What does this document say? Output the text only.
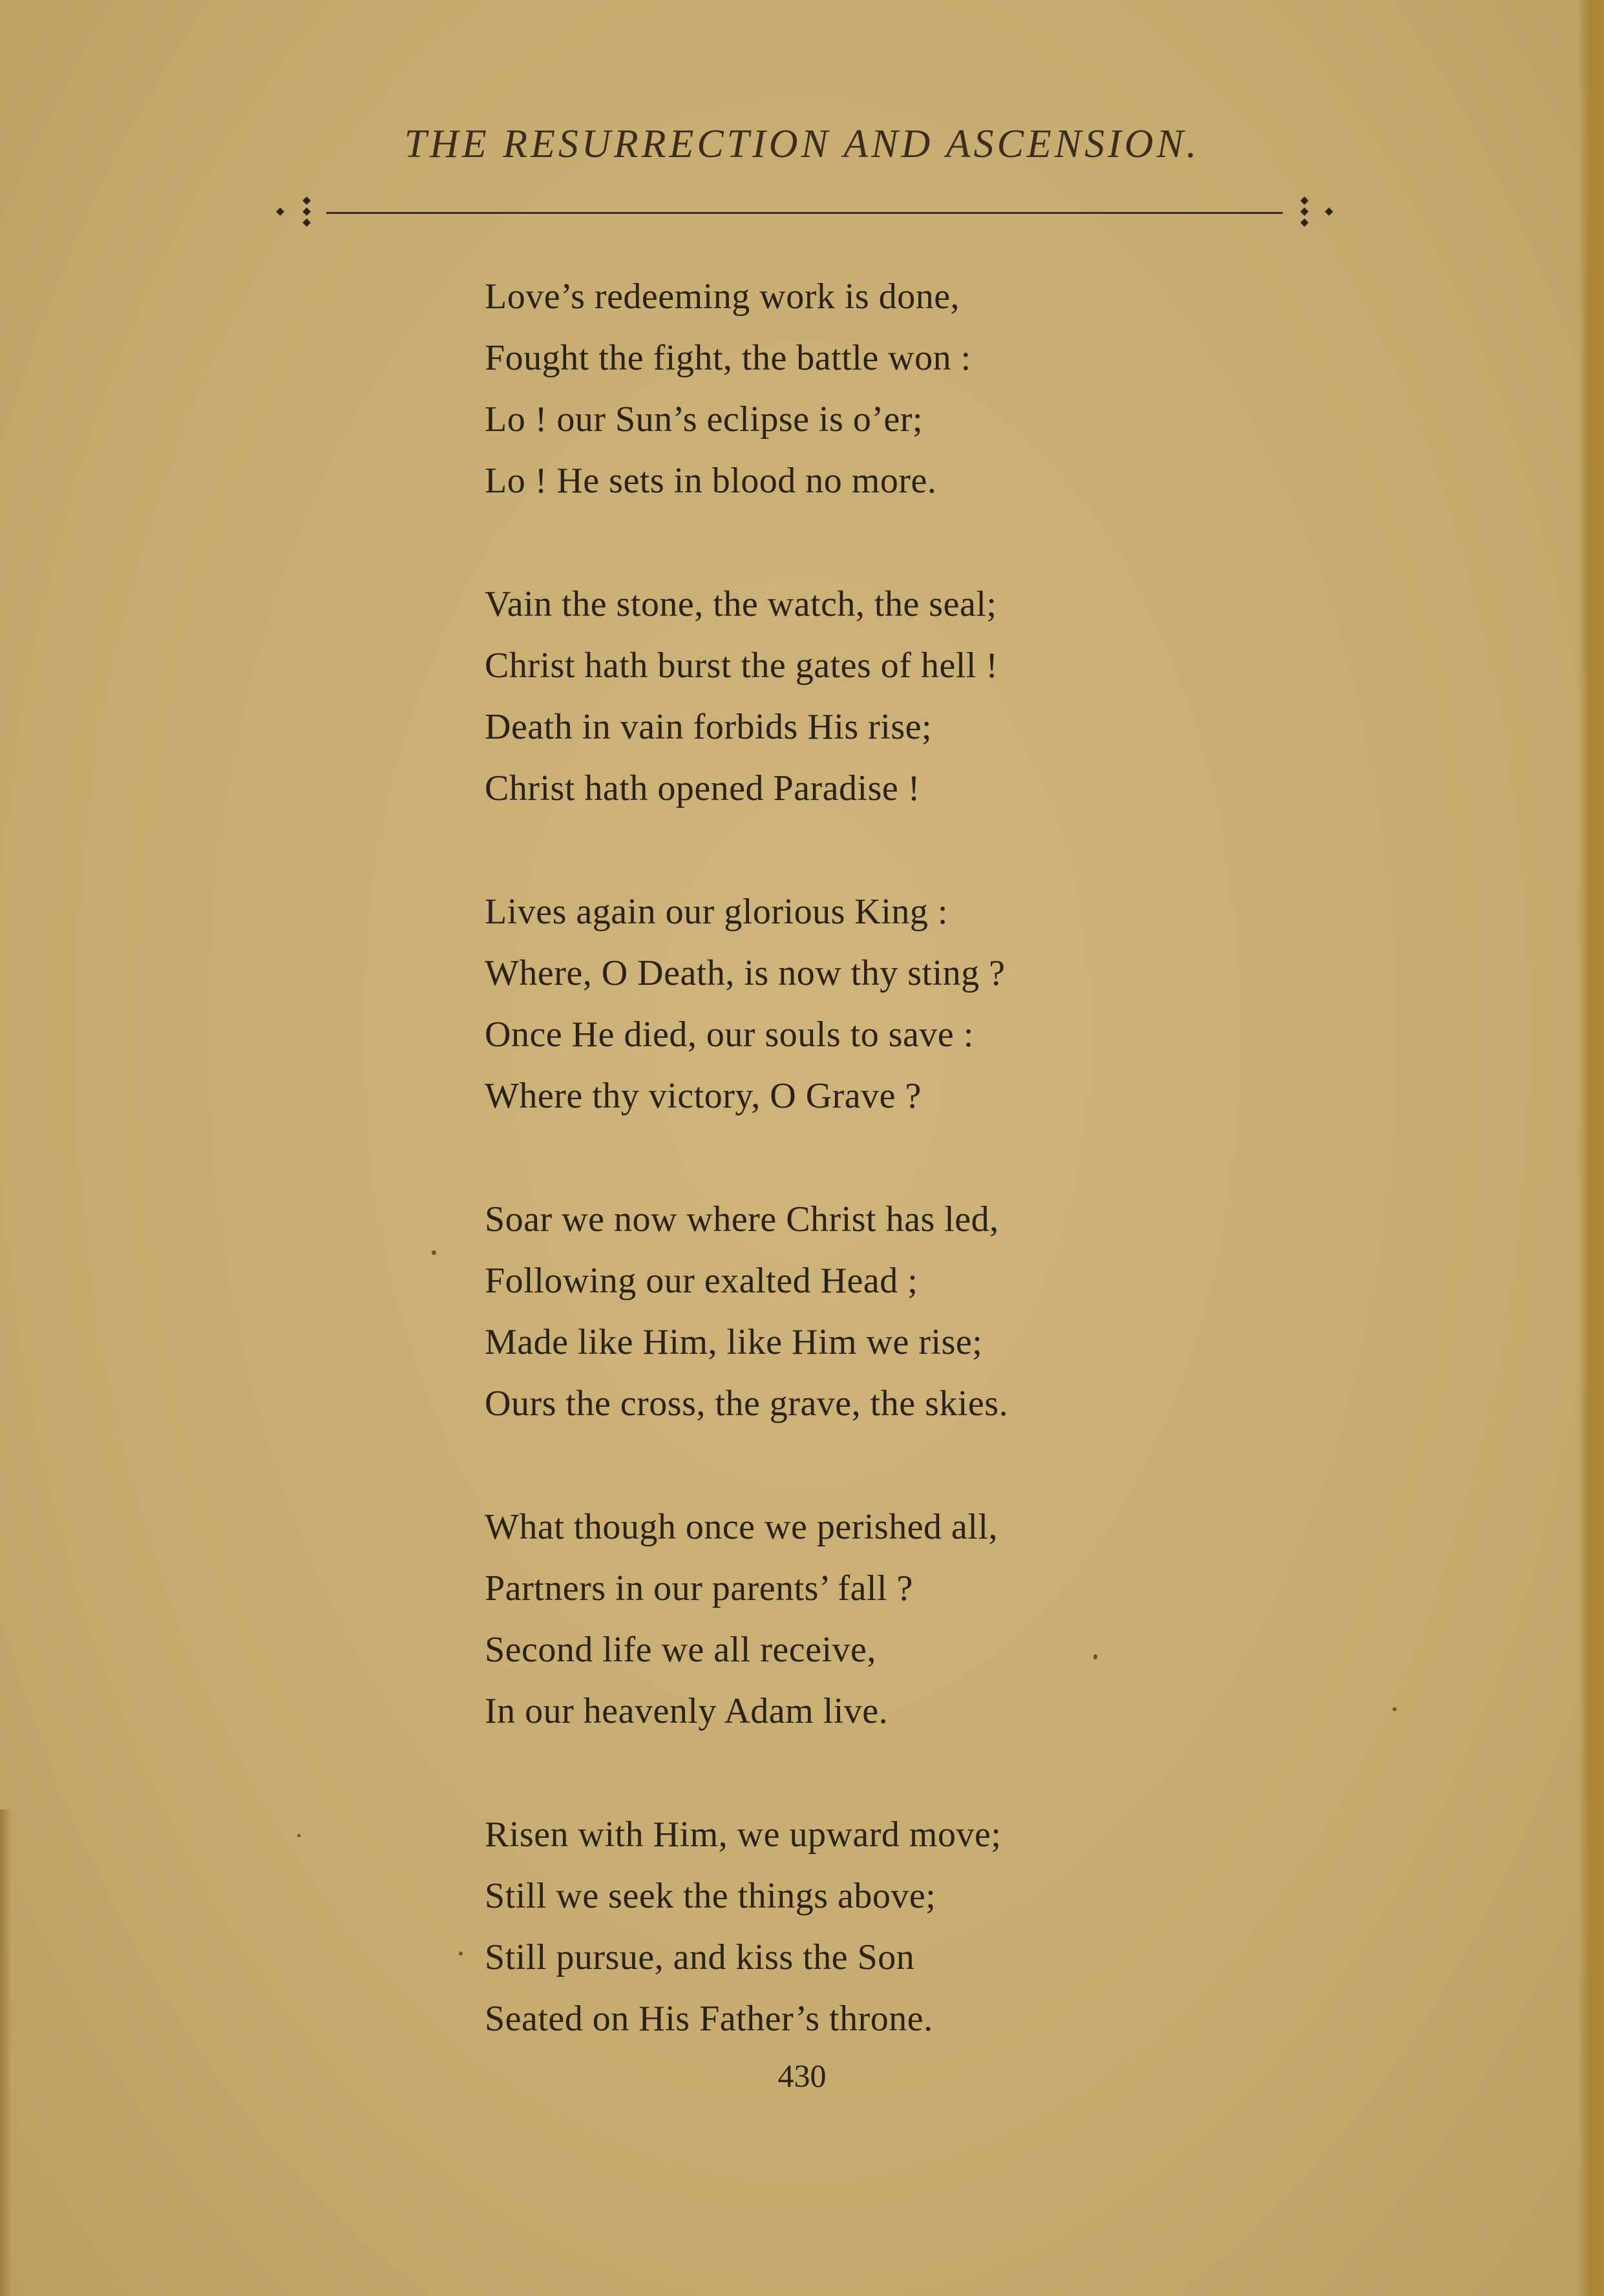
THE RESURRECTION AND ASCENSION.
Love’s redeeming work is done,
Fought the fight, the battle won :
Lo ! our Sun’s eclipse is o’er;
Lo ! He sets in blood no more.
Vain the stone, the watch, the seal;
Christ hath burst the gates of hell !
Death in vain forbids His rise;
Christ hath opened Paradise !
Lives again our glorious King :
Where, O Death, is now thy sting ?
Once He died, our souls to save :
Where thy victory, O Grave ?
Soar we now where Christ has led,
Following our exalted Head ;
Made like Him, like Him we rise;
Ours the cross, the grave, the skies.
What though once we perished all,
Partners in our parents’ fall ?
Second life we all receive,
In our heavenly Adam live.
Risen with Him, we upward move;
Still we seek the things above;
Still pursue, and kiss the Son
Seated on His Father’s throne.
430
